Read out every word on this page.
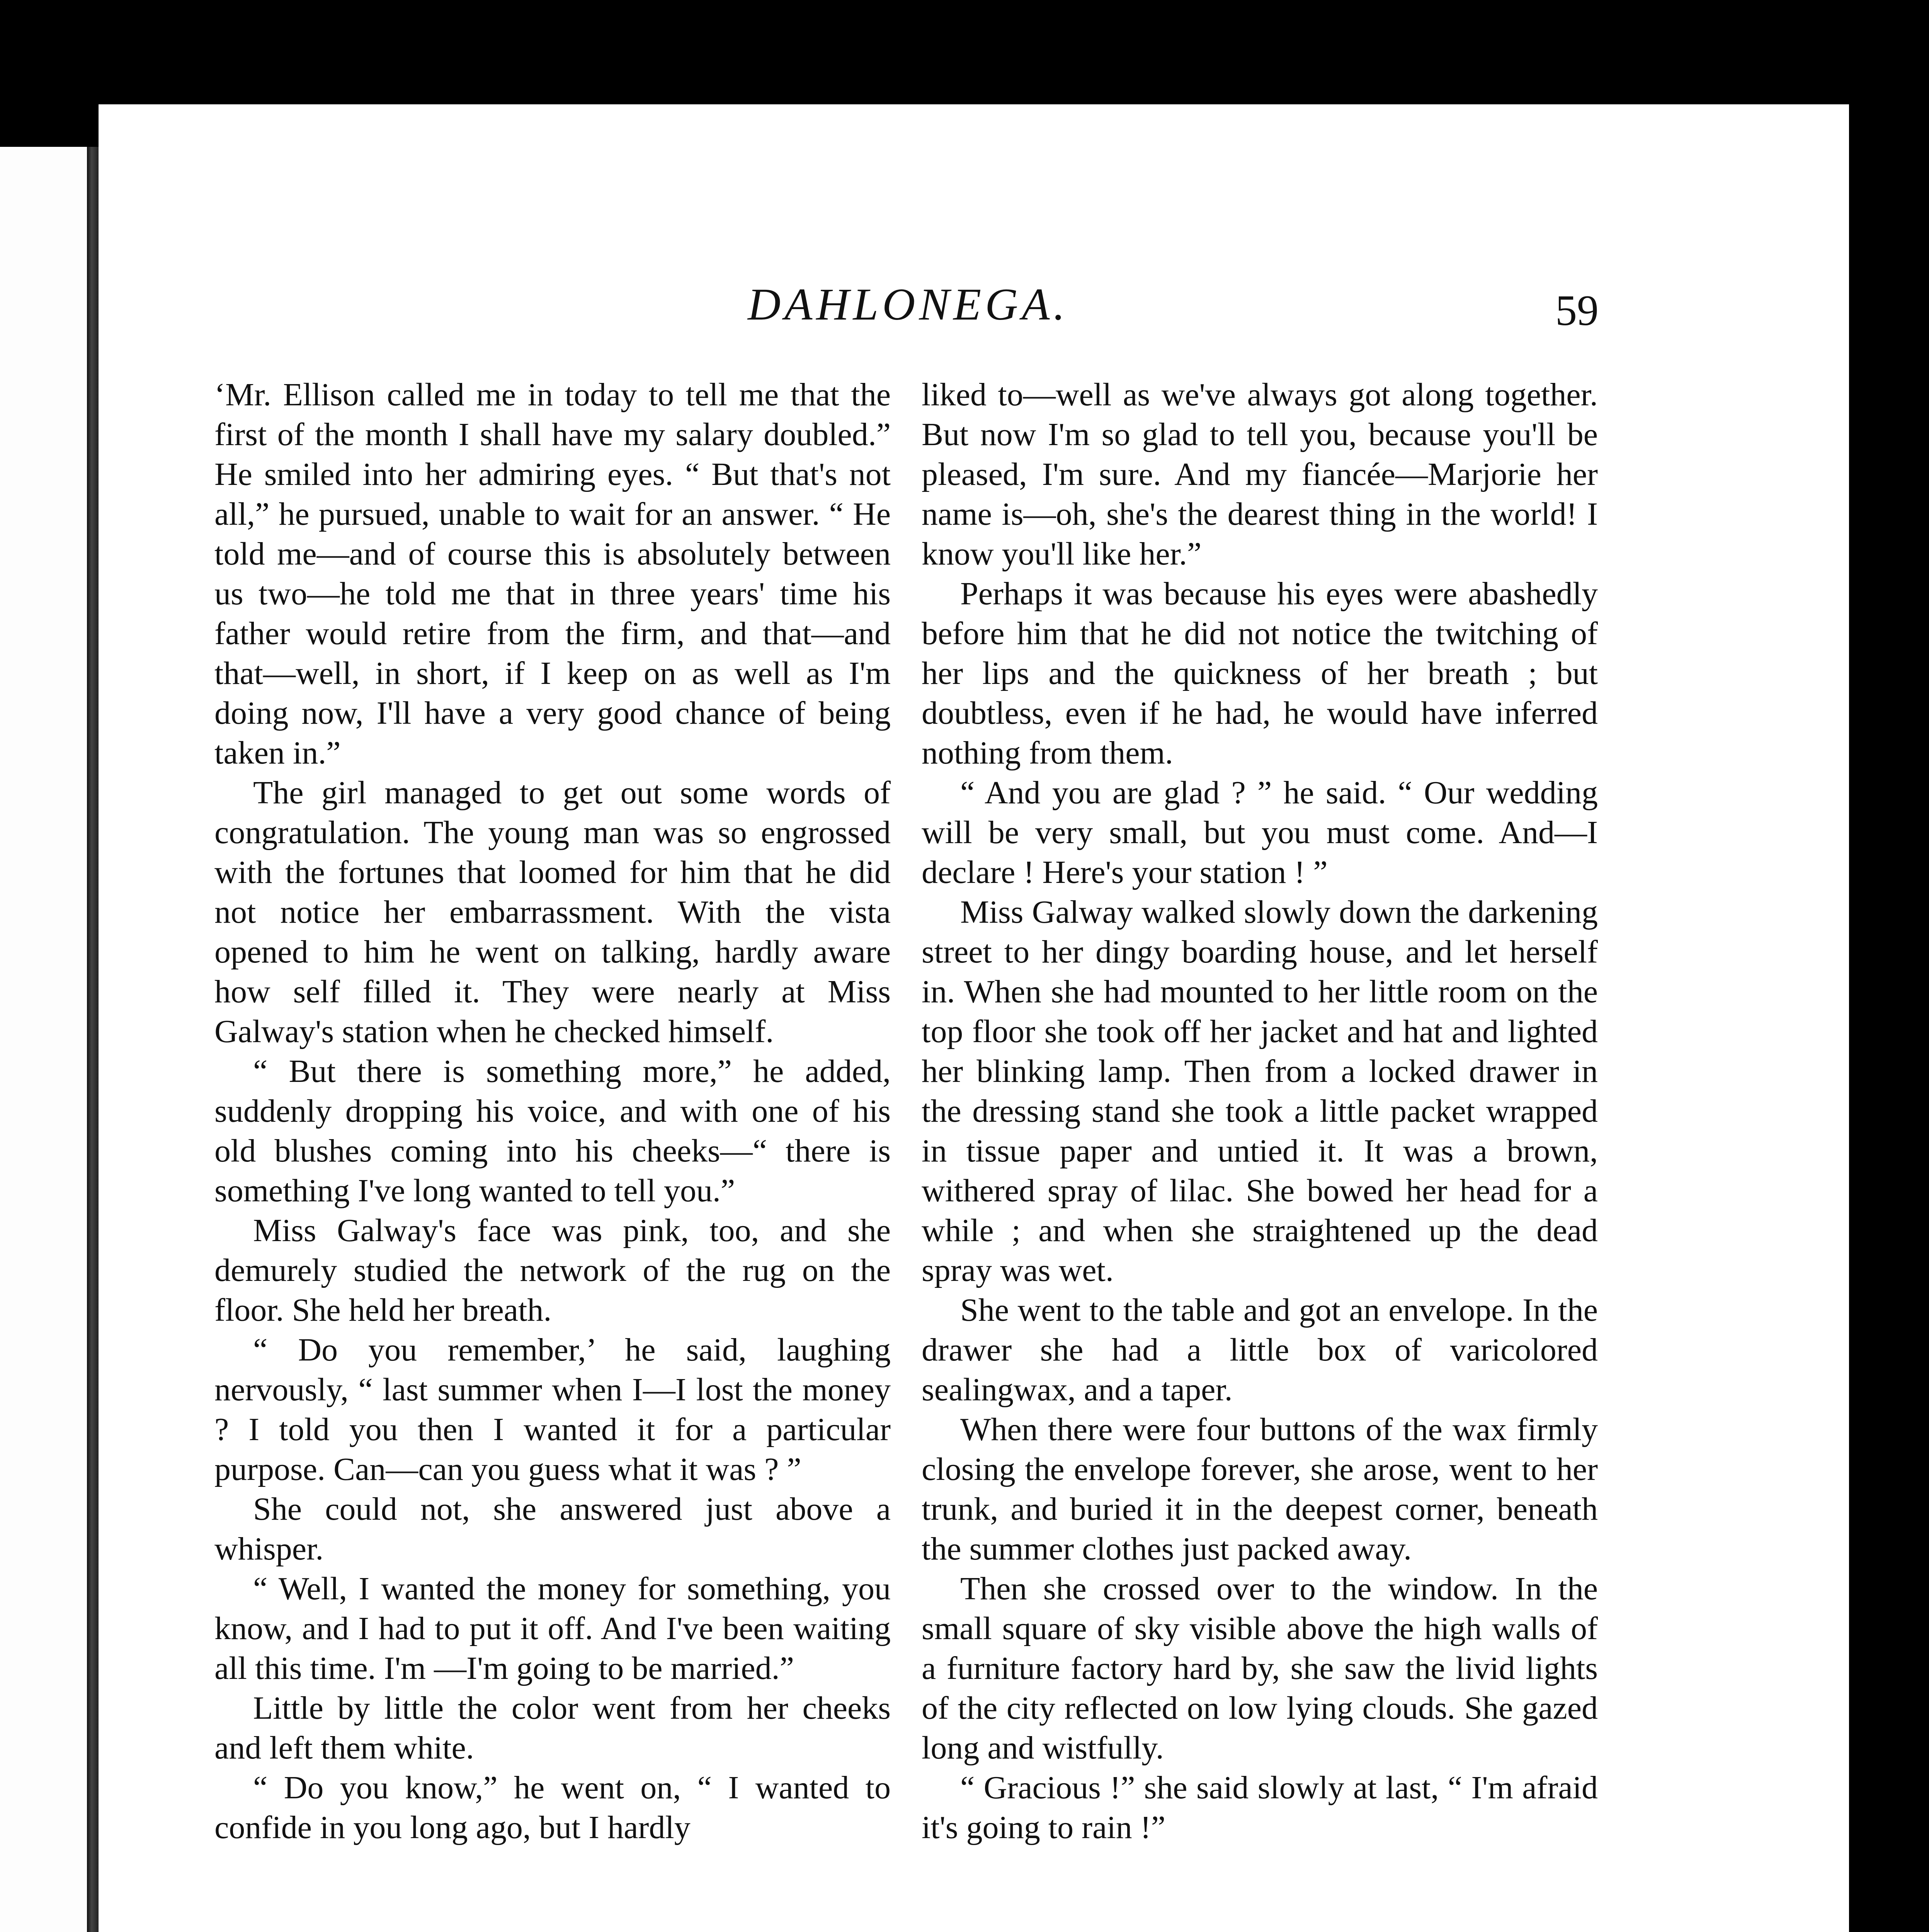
DAHLONEGA.	59

‘Mr. Ellison called me in today to tell me that the first of the month I shall have my salary doubled.” He smiled into her admiring eyes. “ But that's not all,” he pursued, unable to wait for an answer. “ He told me—and of course this is absolutely between us two—he told me that in three years' time his father would retire from the firm, and that—and that—well, in short, if I keep on as well as I'm doing now, I'll have a very good chance of being taken in.”

The girl managed to get out some words of congratulation. The young man was so engrossed with the fortunes that loomed for him that he did not notice her embarrassment. With the vista opened to him he went on talking, hardly aware how self filled it. They were nearly at Miss Galway's station when he checked himself.

“ But there is something more,” he added, suddenly dropping his voice, and with one of his old blushes coming into his cheeks—“ there is something I've long wanted to tell you.”

Miss Galway's face was pink, too, and she demurely studied the network of the rug on the floor. She held her breath.

“ Do you remember,’ he said, laughing nervously, “ last summer when I—I lost the money ? I told you then I wanted it for a particular purpose. Can—can you guess what it was ? ”

She could not, she answered just above a whisper.

“ Well, I wanted the money for something, you know, and I had to put it off. And I've been waiting all this time. I'm —I'm going to be married.”

Little by little the color went from her cheeks and left them white.

“ Do you know,” he went on, “ I wanted to confide in you long ago, but I hardly

liked to—well as we've always got along together. But now I'm so glad to tell you, because you'll be pleased, I'm sure. And my fiancée—Marjorie her name is—oh, she's the dearest thing in the world! I know you'll like her.”

Perhaps it was because his eyes were abashedly before him that he did not notice the twitching of her lips and the quickness of her breath ; but doubtless, even if he had, he would have inferred nothing from them.

“ And you are glad ? ” he said. “ Our wedding will be very small, but you must come. And—I declare ! Here's your station ! ”

Miss Galway walked slowly down the darkening street to her dingy boarding house, and let herself in. When she had mounted to her little room on the top floor she took off her jacket and hat and lighted her blinking lamp. Then from a locked drawer in the dressing stand she took a little packet wrapped in tissue paper and untied it. It was a brown, withered spray of lilac. She bowed her head for a while ; and when she straightened up the dead spray was wet.

She went to the table and got an envelope. In the drawer she had a little box of varicolored sealingwax, and a taper.

When there were four buttons of the wax firmly closing the envelope forever, she arose, went to her trunk, and buried it in the deepest corner, beneath the summer clothes just packed away.

Then she crossed over to the window. In the small square of sky visible above the high walls of a furniture factory hard by, she saw the livid lights of the city reflected on low lying clouds. She gazed long and wistfully.

“ Gracious !” she said slowly at last, “ I'm afraid it's going to rain !”
